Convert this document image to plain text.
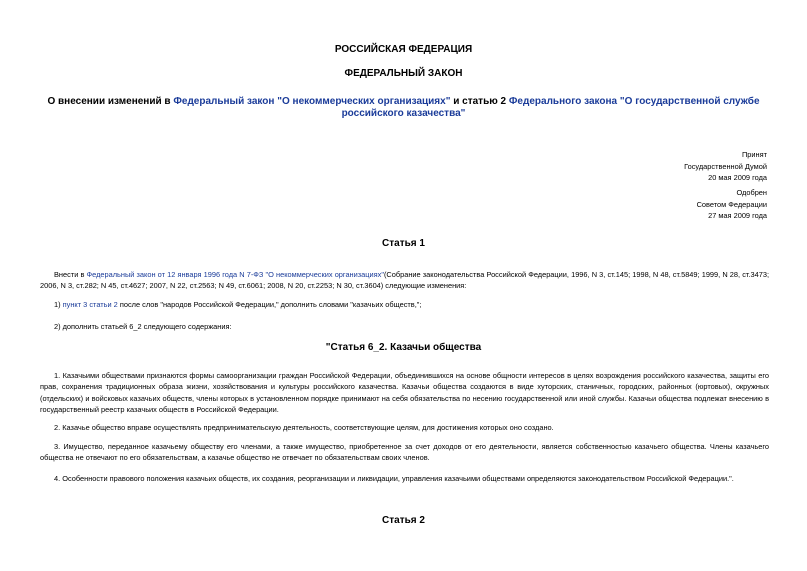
РОССИЙСКАЯ ФЕДЕРАЦИЯ
ФЕДЕРАЛЬНЫЙ ЗАКОН
О внесении изменений в Федеральный закон "О некоммерческих организациях" и статью 2 Федерального закона "О государственной службе российского казачества"
Принят
Государственной Думой
20 мая 2009 года
Одобрен
Советом Федерации
27 мая 2009 года
Статья 1
Внести в Федеральный закон от 12 января 1996 года N 7-ФЗ "О некоммерческих организациях"(Собрание законодательства Российской Федерации, 1996, N 3, ст.145; 1998, N 48, ст.5849; 1999, N 28, ст.3473; 2006, N 3, ст.282; N 45, ст.4627; 2007, N 22, ст.2563; N 49, ст.6061; 2008, N 20, ст.2253; N 30, ст.3604) следующие изменения:
1) пункт 3 статьи 2 после слов "народов Российской Федерации," дополнить словами "казачьих обществ,";
2) дополнить статьей 6_2 следующего содержания:
"Статья 6_2. Казачьи общества
1. Казачьими обществами признаются формы самоорганизации граждан Российской Федерации, объединившихся на основе общности интересов в целях возрождения российского казачества, защиты его прав, сохранения традиционных образа жизни, хозяйствования и культуры российского казачества. Казачьи общества создаются в виде хуторских, станичных, городских, районных (юртовых), окружных (отдельских) и войсковых казачьих обществ, члены которых в установленном порядке принимают на себя обязательства по несению государственной или иной службы. Казачьи общества подлежат внесению в государственный реестр казачьих обществ в Российской Федерации.
2. Казачье общество вправе осуществлять предпринимательскую деятельность, соответствующие целям, для достижения которых оно создано.
3. Имущество, переданное казачьему обществу его членами, а также имущество, приобретенное за счет доходов от его деятельности, является собственностью казачьего общества. Члены казачьего общества не отвечают по его обязательствам, а казачье общество не отвечает по обязательствам своих членов.
4. Особенности правового положения казачьих обществ, их создания, реорганизации и ликвидации, управления казачьими обществами определяются законодательством Российской Федерации.".
Статья 2
